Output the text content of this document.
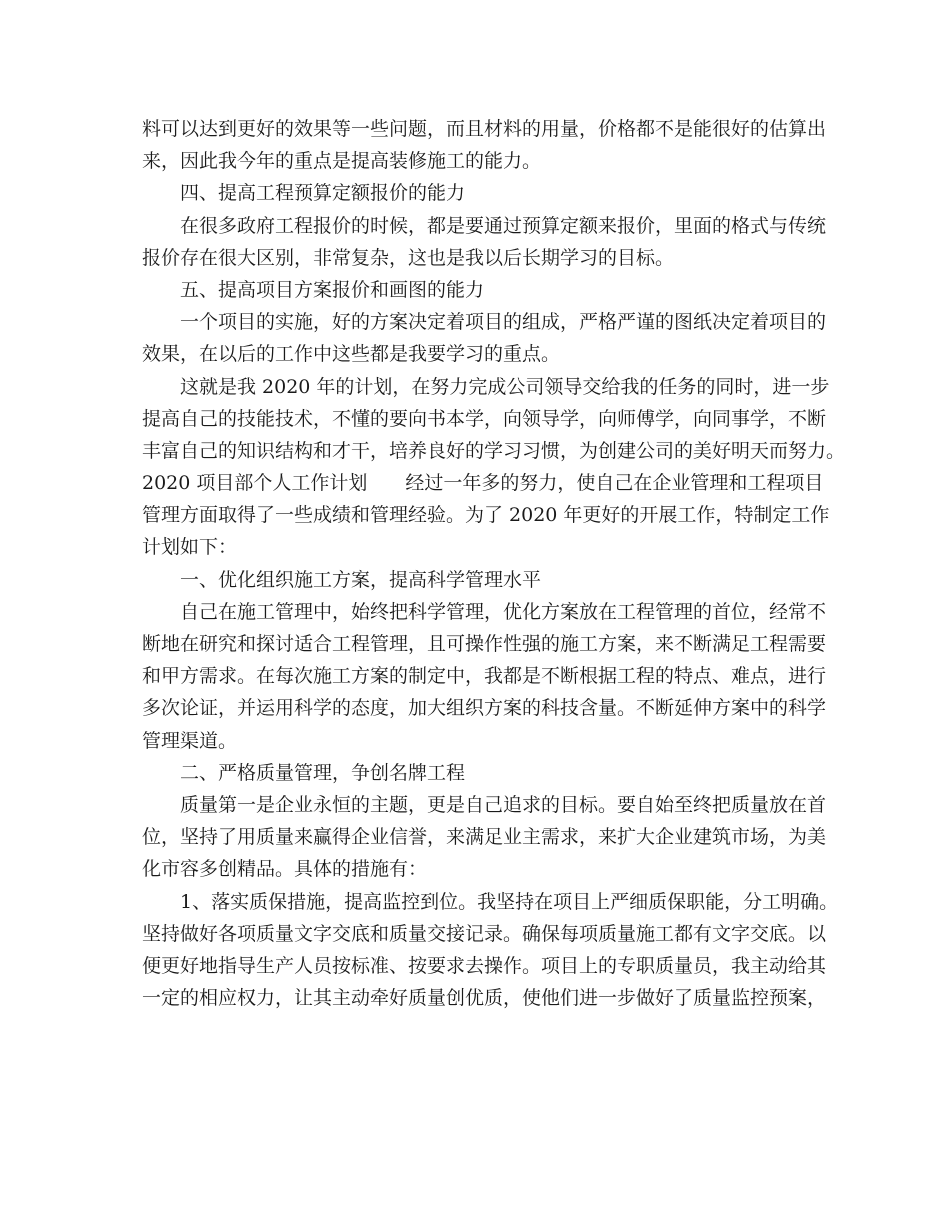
料可以达到更好的效果等一些问题，而且材料的用量，价格都不是能很好的估算出
来，因此我今年的重点是提高装修施工的能力。
四、提高工程预算定额报价的能力
在很多政府工程报价的时候，都是要通过预算定额来报价，里面的格式与传统
报价存在很大区别，非常复杂，这也是我以后长期学习的目标。
五、提高项目方案报价和画图的能力
一个项目的实施，好的方案决定着项目的组成，严格严谨的图纸决定着项目的
效果，在以后的工作中这些都是我要学习的重点。
这就是我 2020 年的计划，在努力完成公司领导交给我的任务的同时，进一步
提高自己的技能技术，不懂的要向书本学，向领导学，向师傅学，向同事学，不断
丰富自己的知识结构和才干，培养良好的学习习惯，为创建公司的美好明天而努力。
2020 项目部个人工作计划　　经过一年多的努力，使自己在企业管理和工程项目
管理方面取得了一些成绩和管理经验。为了 2020 年更好的开展工作，特制定工作
计划如下：
一、优化组织施工方案，提高科学管理水平
自己在施工管理中，始终把科学管理，优化方案放在工程管理的首位，经常不
断地在研究和探讨适合工程管理，且可操作性强的施工方案，来不断满足工程需要
和甲方需求。在每次施工方案的制定中，我都是不断根据工程的特点、难点，进行
多次论证，并运用科学的态度，加大组织方案的科技含量。不断延伸方案中的科学
管理渠道。
二、严格质量管理，争创名牌工程
质量第一是企业永恒的主题，更是自己追求的目标。要自始至终把质量放在首
位，坚持了用质量来赢得企业信誉，来满足业主需求，来扩大企业建筑市场，为美
化市容多创精品。具体的措施有：
1、落实质保措施，提高监控到位。我坚持在项目上严细质保职能，分工明确。
坚持做好各项质量文字交底和质量交接记录。确保每项质量施工都有文字交底。以
便更好地指导生产人员按标准、按要求去操作。项目上的专职质量员，我主动给其
一定的相应权力，让其主动牵好质量创优质，使他们进一步做好了质量监控预案，
